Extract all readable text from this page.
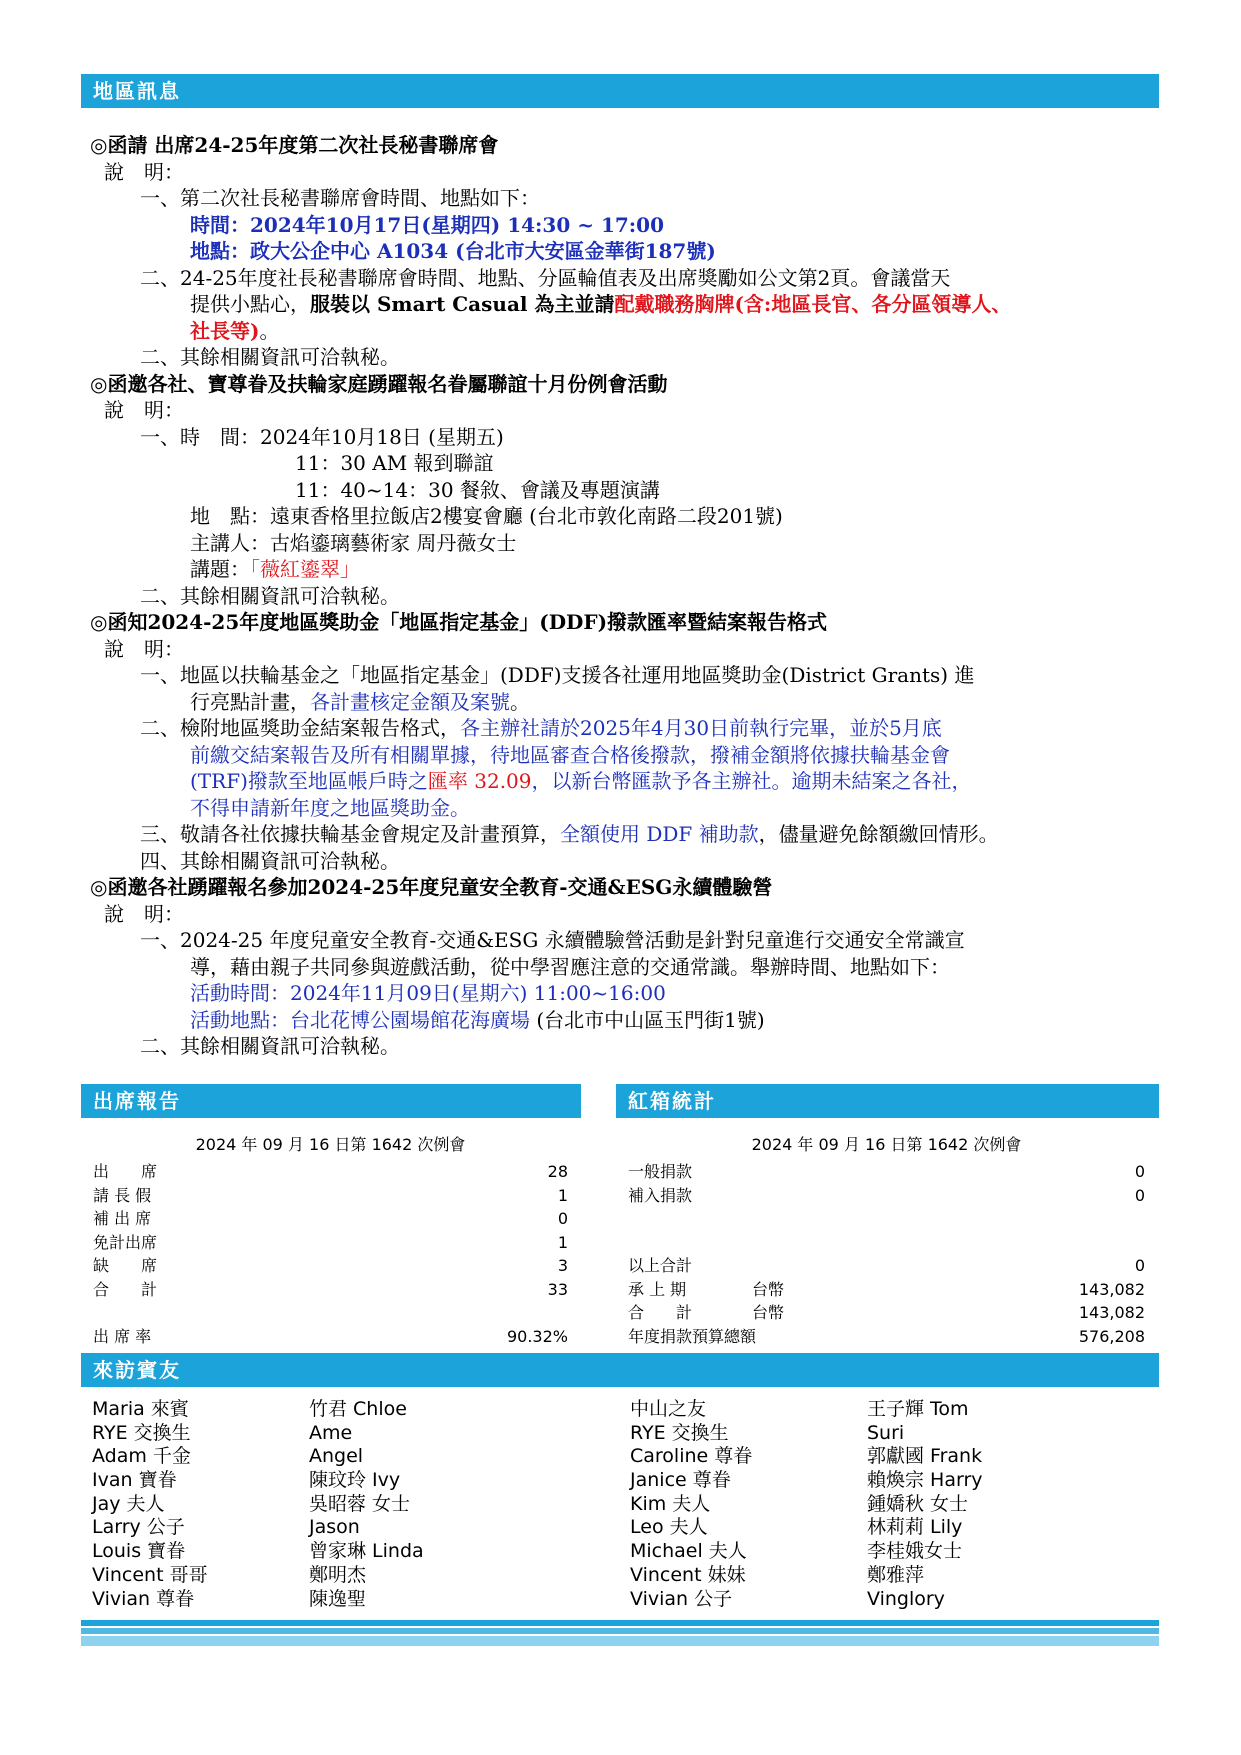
地區訊息
◎函請 出席24-25年度第二次社長秘書聯席會
說　明：
一、第二次社長秘書聯席會時間、地點如下：
時間：2024年10月17日(星期四) 14:30 ~ 17:00
地點：政大公企中心 A1034 (台北市大安區金華街187號)
二、24-25年度社長秘書聯席會時間、地點、分區輪值表及出席獎勵如公文第2頁。會議當天
提供小點心，服裝以 Smart Casual 為主並請配戴職務胸牌(含:地區長官、各分區領導人、
社長等)。
二、其餘相關資訊可洽執秘。
◎函邀各社、寶尊眷及扶輪家庭踴躍報名眷屬聯誼十月份例會活動
說　明：
一、時　間：2024年10月18日 (星期五)
11：30 AM 報到聯誼
11：40~14：30 餐敘、會議及專題演講
地　點：遠東香格里拉飯店2樓宴會廳 (台北市敦化南路二段201號)
主講人：古焰鎏璃藝術家 周丹薇女士
講題：「薇紅鎏翠」
二、其餘相關資訊可洽執秘。
◎函知2024-25年度地區獎助金「地區指定基金」(DDF)撥款匯率暨結案報告格式
說　明：
一、地區以扶輪基金之「地區指定基金」(DDF)支援各社運用地區獎助金(District Grants) 進
行亮點計畫，各計畫核定金額及案號。
二、檢附地區獎助金結案報告格式，各主辦社請於2025年4月30日前執行完畢，並於5月底
前繳交結案報告及所有相關單據，待地區審查合格後撥款，撥補金額將依據扶輪基金會
(TRF)撥款至地區帳戶時之匯率 32.09，以新台幣匯款予各主辦社。逾期未結案之各社，
不得申請新年度之地區獎助金。
三、敬請各社依據扶輪基金會規定及計畫預算，全額使用 DDF 補助款，儘量避免餘額繳回情形。
四、其餘相關資訊可洽執秘。
◎函邀各社踴躍報名參加2024-25年度兒童安全教育-交通&ESG永續體驗營
說　明：
一、2024-25 年度兒童安全教育-交通&ESG 永續體驗營活動是針對兒童進行交通安全常識宣
導，藉由親子共同參與遊戲活動，從中學習應注意的交通常識。舉辦時間、地點如下：
活動時間：2024年11月09日(星期六) 11:00~16:00
活動地點：台北花博公園場館花海廣場 (台北市中山區玉門街1號)
二、其餘相關資訊可洽執秘。
出席報告
2024 年 09 月 16 日第 1642 次例會
出　　席	28
請 長 假	1
補 出 席	0
免計出席	1
缺　　席	3
合　　計	33
出 席 率	90.32%
紅箱統計
2024 年 09 月 16 日第 1642 次例會
一般捐款	0
補入捐款	0
以上合計	0
承 上 期	台幣	143,082
合　　計	台幣	143,082
年度捐款預算總額	576,208
來訪賓友
Maria 來賓
RYE 交換生
Adam 千金
Ivan 寶眷
Jay 夫人
Larry 公子
Louis 寶眷
Vincent 哥哥
Vivian 尊眷
竹君 Chloe
Ame
Angel
陳玟玲 Ivy
吳昭蓉 女士
Jason
曾家琳 Linda
鄭明杰
陳逸聖
中山之友
RYE 交換生
Caroline 尊眷
Janice 尊眷
Kim 夫人
Leo 夫人
Michael 夫人
Vincent 妹妹
Vivian 公子
王子輝 Tom
Suri
郭獻國 Frank
賴煥宗 Harry
鍾嬌秋 女士
林莉莉 Lily
李桂娥女士
鄭雅萍
Vinglory
